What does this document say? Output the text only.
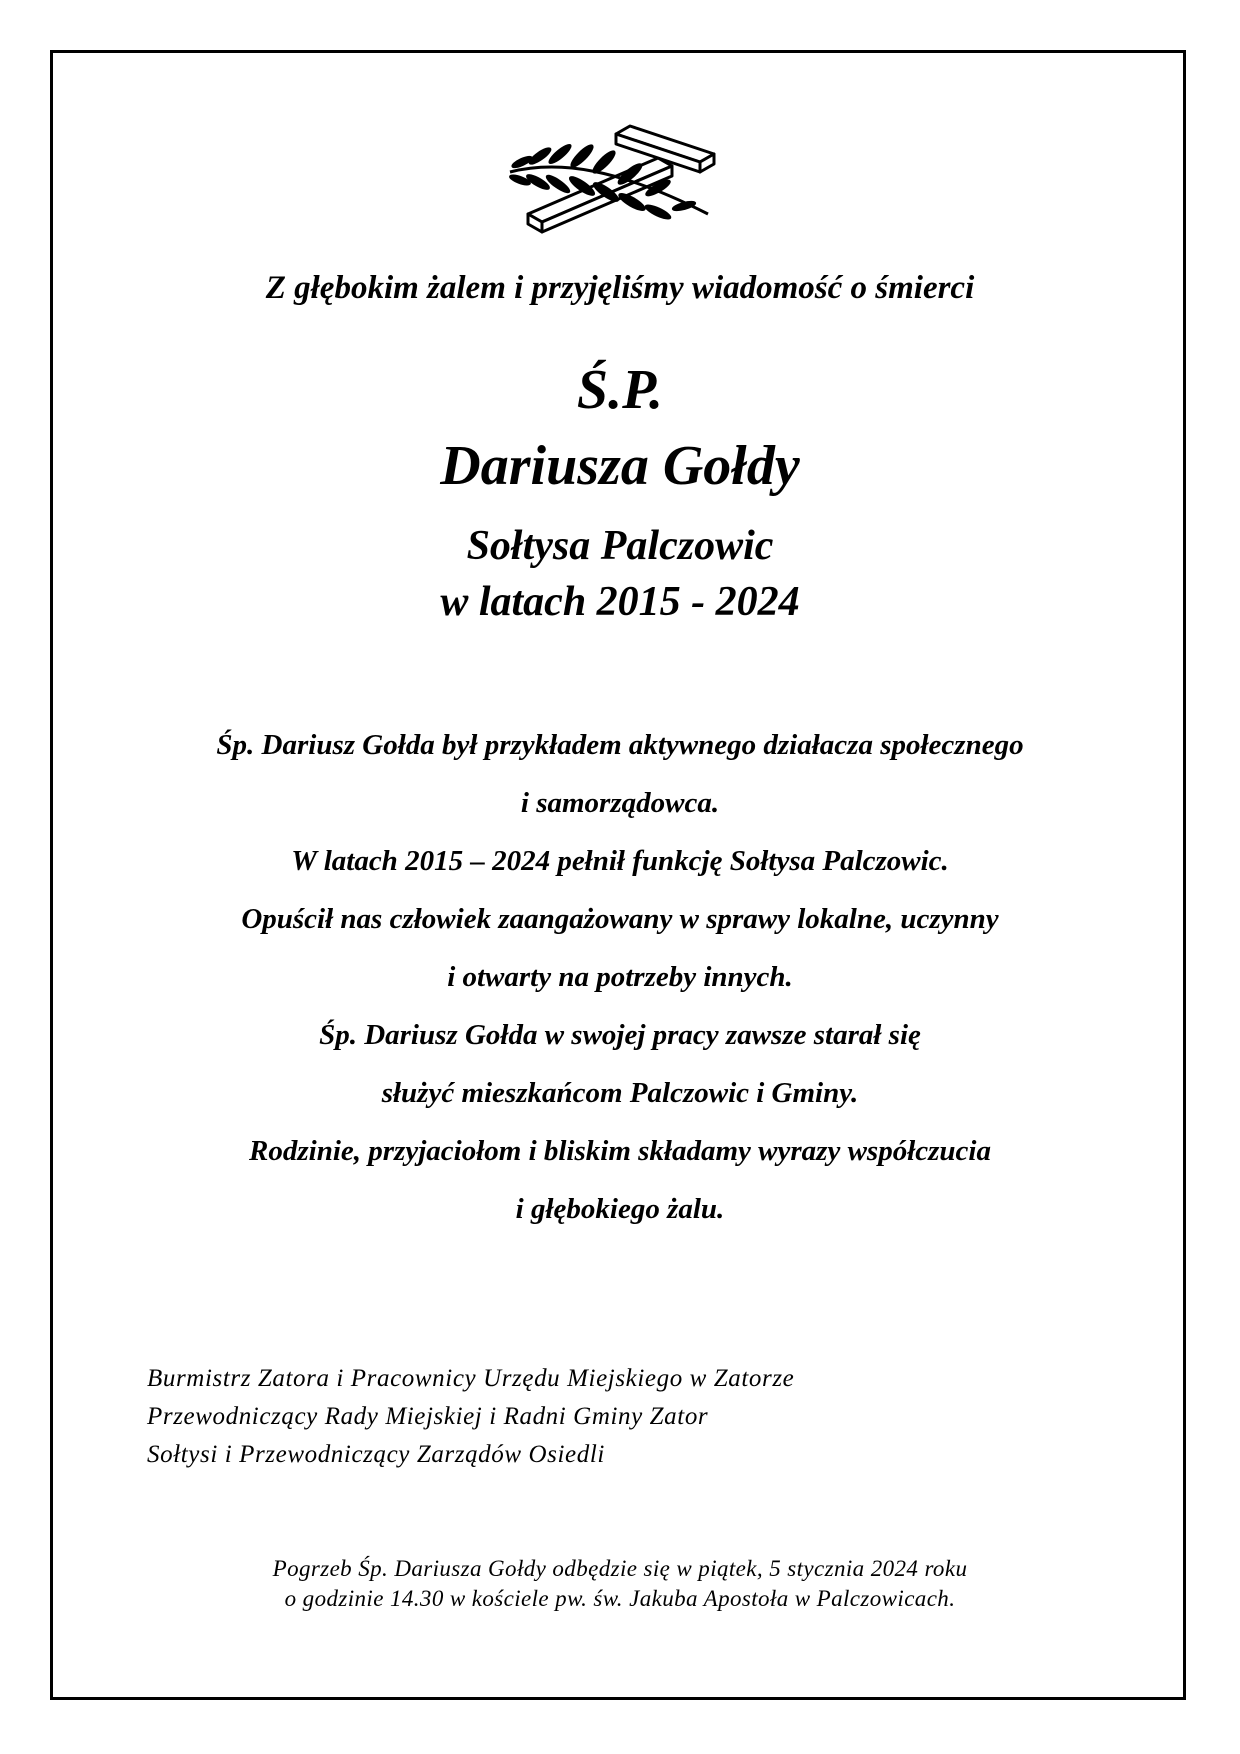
Z głębokim żalem i przyjęliśmy wiadomość o śmierci

Ś.P.

Dariusza Gołdy

Sołtysa Palczowic

w latach 2015 - 2024

Śp. Dariusz Gołda był przykładem aktywnego działacza społecznego
i samorządowca.
W latach 2015 – 2024 pełnił funkcję Sołtysa Palczowic.
Opuścił nas człowiek zaangażowany w sprawy lokalne, uczynny
i otwarty na potrzeby innych.
Śp. Dariusz Gołda w swojej pracy zawsze starał się
służyć mieszkańcom Palczowic i Gminy.
Rodzinie, przyjaciołom i bliskim składamy wyrazy współczucia
i głębokiego żalu.
Burmistrz Zatora i Pracownicy Urzędu Miejskiego w Zatorze
Przewodniczący Rady Miejskiej i Radni Gminy Zator
Sołtysi i Przewodniczący Zarządów Osiedli
Pogrzeb Śp. Dariusza Gołdy odbędzie się w piątek, 5 stycznia 2024 roku
o godzinie 14.30 w kościele pw. św. Jakuba Apostoła w Palczowicach.
